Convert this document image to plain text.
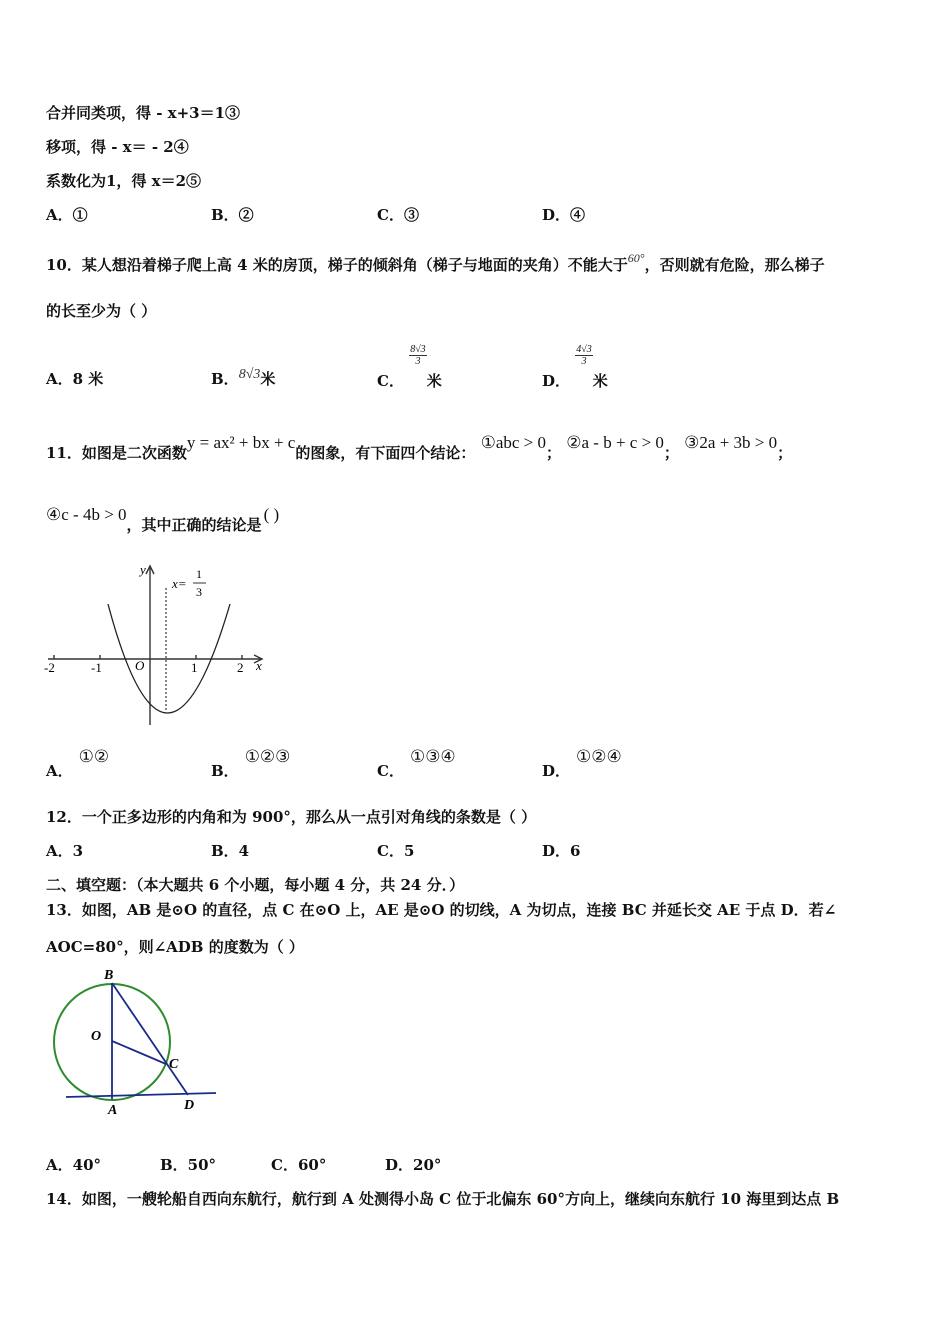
合并同类项，得 - x+3＝1③
移项，得 - x＝ - 2④
系数化为1，得 x＝2⑤
A．①	B．②	C．③	D．④
10．某人想沿着梯子爬上高 4 米的房顶，梯子的倾斜角（梯子与地面的夹角）不能大于$^{60^\circ}$，否则就有危险，那么梯子
的长至少为（ ）
A．8 米	B．8√3米	C．
$\frac{8√3}{3}$
米	D．
$\frac{4√3}{3}$
米
11．如图是二次函数y = ax² + bx + c的图象，有下面四个结论： ①abc > 0； ②a - b + c > 0； ③2a + 3b > 0；
④c - 4b > 0，其中正确的结论是( )
y
x
O
-2	-1	1	2
x=
1
3
A．①②
B．①②③
C．①③④
D．①②④
12．一个正多边形的内角和为 900°，那么从一点引对角线的条数是（ ）
A．3	B．4	C．5	D．6
二、填空题：（本大题共 6 个小题，每小题 4 分，共 24 分．）
13．如图，AB 是⊙O 的直径，点 C 在⊙O 上，AE 是⊙O 的切线，A 为切点，连接 BC 并延长交 AE 于点 D．若∠
AOC=80°，则∠ADB 的度数为（ ）
B
O
C
A	D
A．40°	B．50°	C．60°	D．20°
14．如图，一艘轮船自西向东航行，航行到 A 处测得小岛 C 位于北偏东 60°方向上，继续向东航行 10 海里到达点 B
